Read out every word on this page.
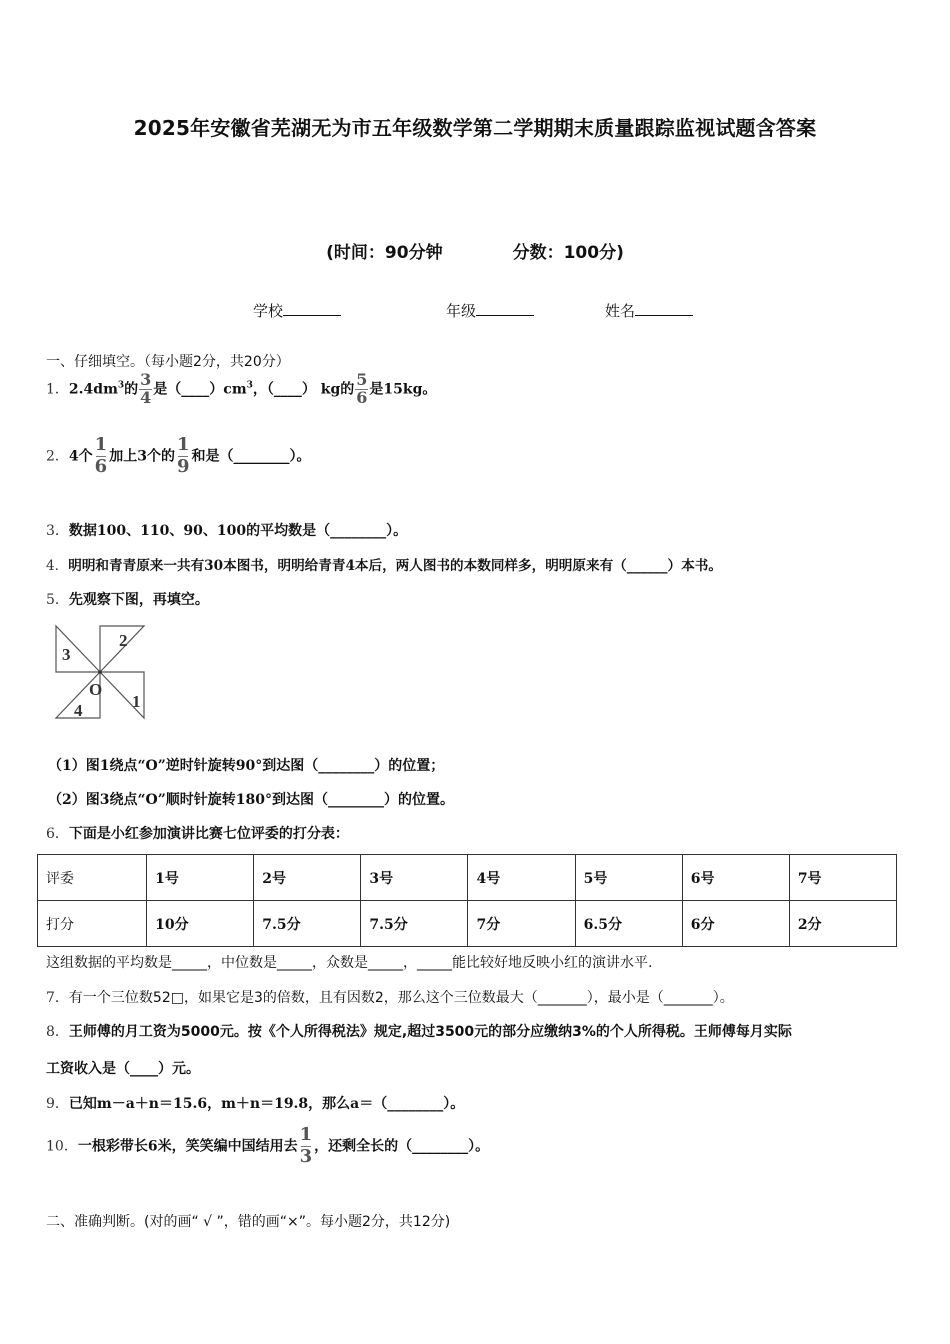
2025年安徽省芜湖无为市五年级数学第二学期期末质量跟踪监视试题含答案
(时间：90分钟	分数：100分)
学校	年级	姓名
一、仔细填空。（每小题2分，共20分）
1．$2.4dm^3$的 $\frac{3}{4}$ 是$(\_\_\_\_)cm^3$，（____） kg的 $\frac{5}{6}$ 是15kg。
2．4个 $\frac{1}{6}$ 加上3个的 $\frac{1}{9}$ 和是（________）。
3．数据100、110、90、100的平均数是（________）。
4．明明和青青原来一共有30本图书，明明给青青4本后，两人图书的本数同样多，明明原来有（______）本书。
5．先观察下图，再填空。
3
2
1
4
O
（1）图1绕点“O”逆时针旋转90°到达图（________）的位置；
（2）图3绕点“O”顺时针旋转180°到达图（________）的位置。
6．下面是小红参加演讲比赛七位评委的打分表：
评委	1号	2号	3号	4号	5号	6号	7号
打分	10分	7.5分	7.5分	7分	6.5分	6分	2分
这组数据的平均数是_____，中位数是_____，众数是_____，_____能比较好地反映小红的演讲水平.
7．有一个三位数52□，如果它是3的倍数，且有因数2，那么这个三位数最大（_______），最小是（_______）。
8．王师傅的月工资为5000元。按《个人所得税法》规定,超过3500元的部分应缴纳3%的个人所得税。王师傅每月实际
工资收入是（____）元。
9．已知m－a＋n＝15.6，m＋n＝19.8，那么a＝（________）。
10．一根彩带长6米，笑笑编中国结用去 $\frac{1}{3}$ ，还剩全长的（________）。
二、准确判断。(对的画“ √ ”，错的画“×”。每小题2分，共12分)
